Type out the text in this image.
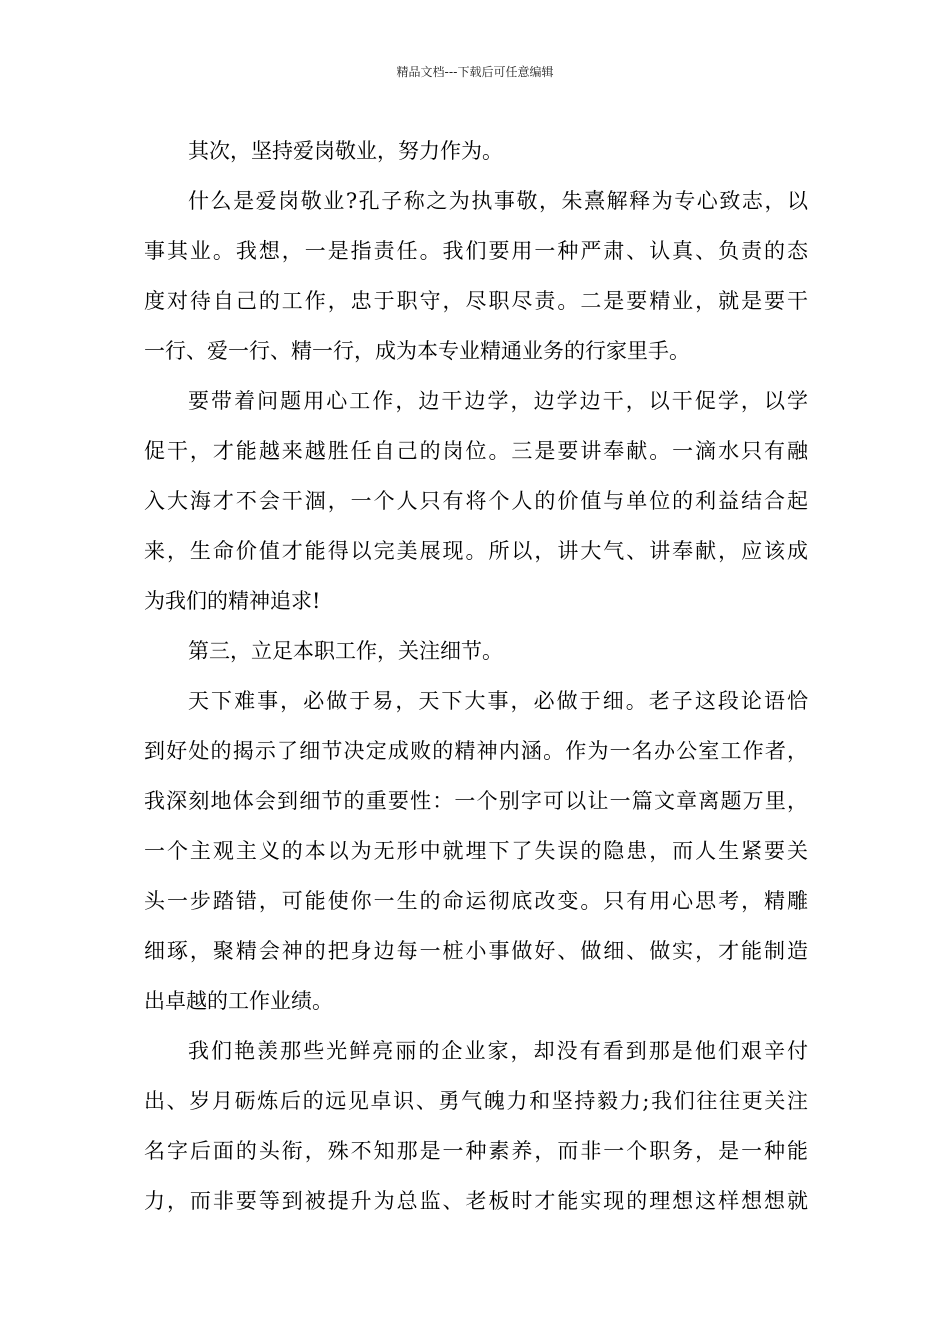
精品文档---下载后可任意编辑

其次，坚持爱岗敬业，努力作为。

什么是爱岗敬业?孔子称之为执事敬，朱熹解释为专心致志，以
事其业。我想，一是指责任。我们要用一种严肃、认真、负责的态
度对待自己的工作，忠于职守，尽职尽责。二是要精业，就是要干
一行、爱一行、精一行，成为本专业精通业务的行家里手。

要带着问题用心工作，边干边学，边学边干，以干促学，以学
促干，才能越来越胜任自己的岗位。三是要讲奉献。一滴水只有融
入大海才不会干涸，一个人只有将个人的价值与单位的利益结合起
来，生命价值才能得以完美展现。所以，讲大气、讲奉献，应该成
为我们的精神追求!

第三，立足本职工作，关注细节。

天下难事，必做于易，天下大事，必做于细。老子这段论语恰
到好处的揭示了细节决定成败的精神内涵。作为一名办公室工作者，
我深刻地体会到细节的重要性：一个别字可以让一篇文章离题万里，
一个主观主义的本以为无形中就埋下了失误的隐患，而人生紧要关
头一步踏错，可能使你一生的命运彻底改变。只有用心思考，精雕
细琢，聚精会神的把身边每一桩小事做好、做细、做实，才能制造
出卓越的工作业绩。

我们艳羡那些光鲜亮丽的企业家，却没有看到那是他们艰辛付
出、岁月砺炼后的远见卓识、勇气魄力和坚持毅力;我们往往更关注
名字后面的头衔，殊不知那是一种素养，而非一个职务，是一种能
力，而非要等到被提升为总监、老板时才能实现的理想这样想想就
